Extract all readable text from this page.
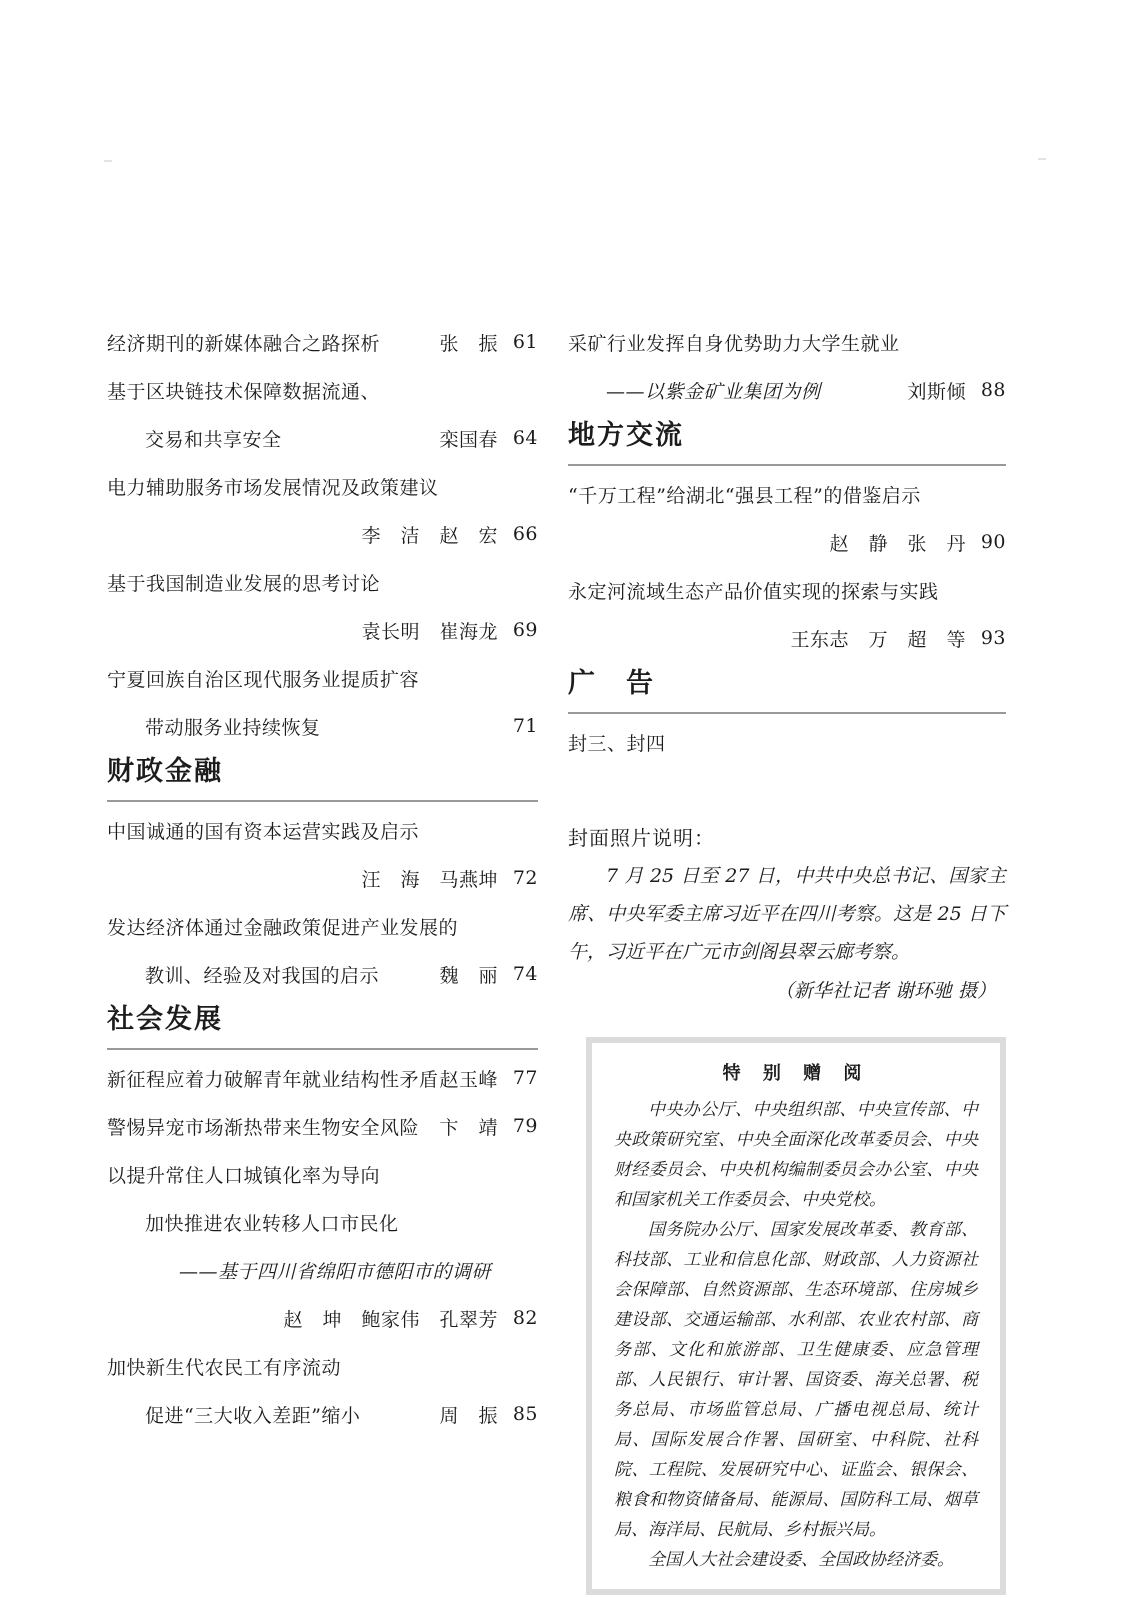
经济期刊的新媒体融合之路探析	张　振 61
基于区块链技术保障数据流通、
交易和共享安全	栾国春 64
电力辅助服务市场发展情况及政策建议
李　洁　赵　宏 66
基于我国制造业发展的思考讨论
袁长明　崔海龙 69
宁夏回族自治区现代服务业提质扩容
带动服务业持续恢复	71
财政金融
中国诚通的国有资本运营实践及启示
汪　海　马燕坤 72
发达经济体通过金融政策促进产业发展的
教训、经验及对我国的启示	魏　丽 74
社会发展
新征程应着力破解青年就业结构性矛盾 赵玉峰 77
警惕异宠市场渐热带来生物安全风险 卞　靖 79
以提升常住人口城镇化率为导向
加快推进农业转移人口市民化
——基于四川省绵阳市德阳市的调研
赵　坤　鲍家伟　孔翠芳 82
加快新生代农民工有序流动
促进“三大收入差距”缩小	周　振 85
采矿行业发挥自身优势助力大学生就业
——以紫金矿业集团为例	刘斯倾 88
地方交流
“千万工程”给湖北“强县工程”的借鉴启示
赵　静　张　丹 90
永定河流域生态产品价值实现的探索与实践
王东志　万　超　等 93
广　告
封三、封四
封面照片说明：

7 月 25 日至 27 日，中共中央总书记、国家主席、中央军委主席习近平在四川考察。这是 25 日下午，习近平在广元市剑阁县翠云廊考察。

（新华社记者 谢环驰 摄）
特 别 赠 阅

中央办公厅、中央组织部、中央宣传部、中央政策研究室、中央全面深化改革委员会、中央财经委员会、中央机构编制委员会办公室、中央和国家机关工作委员会、中央党校。

国务院办公厅、国家发展改革委、教育部、科技部、工业和信息化部、财政部、人力资源社会保障部、自然资源部、生态环境部、住房城乡建设部、交通运输部、水利部、农业农村部、商务部、文化和旅游部、卫生健康委、应急管理部、人民银行、审计署、国资委、海关总署、税务总局、市场监管总局、广播电视总局、统计局、国际发展合作署、国研室、中科院、社科院、工程院、发展研究中心、证监会、银保会、粮食和物资储备局、能源局、国防科工局、烟草局、海洋局、民航局、乡村振兴局。

全国人大社会建设委、全国政协经济委。
